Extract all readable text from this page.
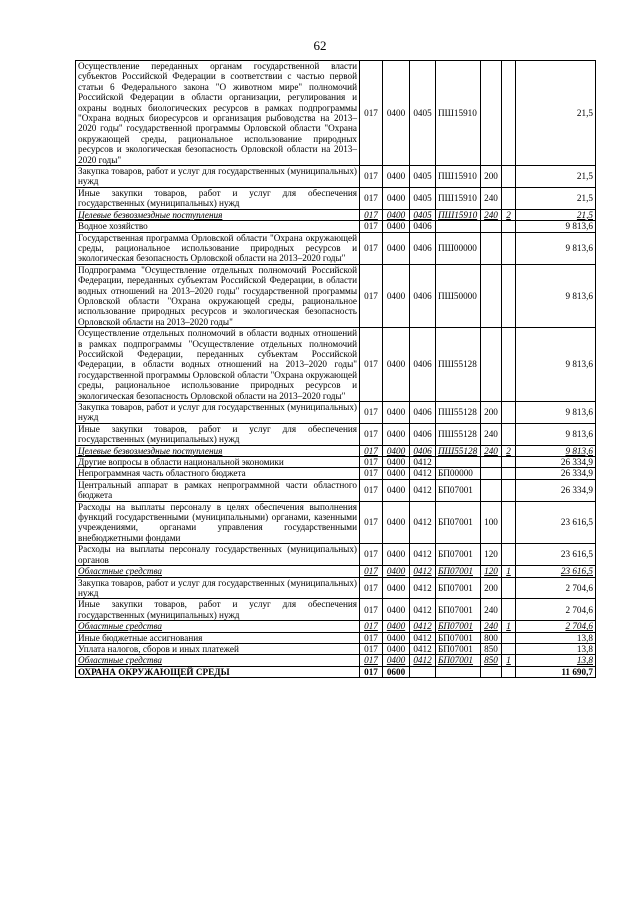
62
Осуществление переданных органам государственной власти субъектов Российской Федерации в соответствии с частью первой статьи 6 Федерального закона "О животном мире" полномочий Российской Федерации в области организации, регулирования и охраны водных биологических ресурсов в рамках подпрограммы "Охрана водных биоресурсов и организация рыбоводства на 2013–2020 годы" государственной программы Орловской области "Охрана окружающей среды, рациональное использование природных ресурсов и экологическая безопасность Орловской области на 2013–2020 годы"	017	0400	0405	ПШ15910			21,5
Закупка товаров, работ и услуг для государственных (муниципальных) нужд	017	0400	0405	ПШ15910	200		21,5
Иные закупки товаров, работ и услуг для обеспечения государственных (муниципальных) нужд	017	0400	0405	ПШ15910	240		21,5
Целевые безвозмездные поступления	017	0400	0405	ПШ15910	240	2	21,5
Водное хозяйство	017	0400	0406				9 813,6
Государственная программа Орловской области "Охрана окружающей среды, рациональное использование природных ресурсов и экологическая безопасность Орловской области на 2013–2020 годы"	017	0400	0406	ПШ00000			9 813,6
Подпрограмма "Осуществление отдельных полномочий Российской Федерации, переданных субъектам Российской Федерации, в области водных отношений на 2013–2020 годы" государственной программы Орловской области "Охрана окружающей среды, рациональное использование природных ресурсов и экологическая безопасность Орловской области на 2013–2020 годы"	017	0400	0406	ПШ50000			9 813,6
Осуществление отдельных полномочий в области водных отношений в рамках подпрограммы "Осуществление отдельных полномочий Российской Федерации, переданных субъектам Российской Федерации, в области водных отношений на 2013–2020 годы" государственной программы Орловской области "Охрана окружающей среды, рациональное использование природных ресурсов и экологическая безопасность Орловской области на 2013–2020 годы"	017	0400	0406	ПШ55128			9 813,6
Закупка товаров, работ и услуг для государственных (муниципальных) нужд	017	0400	0406	ПШ55128	200		9 813,6
Иные закупки товаров, работ и услуг для обеспечения государственных (муниципальных) нужд	017	0400	0406	ПШ55128	240		9 813,6
Целевые безвозмездные поступления	017	0400	0406	ПШ55128	240	2	9 813,6
Другие вопросы в области национальной экономики	017	0400	0412				26 334,9
Непрограммная часть областного бюджета	017	0400	0412	БП00000			26 334,9
Центральный аппарат в рамках непрограммной части областного бюджета	017	0400	0412	БП07001			26 334,9
Расходы на выплаты персоналу в целях обеспечения выполнения функций государственными (муниципальными) органами, казенными учреждениями, органами управления государственными внебюджетными фондами	017	0400	0412	БП07001	100		23 616,5
Расходы на выплаты персоналу государственных (муниципальных) органов	017	0400	0412	БП07001	120		23 616,5
Областные средства	017	0400	0412	БП07001	120	1	23 616,5
Закупка товаров, работ и услуг для государственных (муниципальных) нужд	017	0400	0412	БП07001	200		2 704,6
Иные закупки товаров, работ и услуг для обеспечения государственных (муниципальных) нужд	017	0400	0412	БП07001	240		2 704,6
Областные средства	017	0400	0412	БП07001	240	1	2 704,6
Иные бюджетные ассигнования	017	0400	0412	БП07001	800		13,8
Уплата налогов, сборов и иных платежей	017	0400	0412	БП07001	850		13,8
Областные средства	017	0400	0412	БП07001	850	1	13,8
ОХРАНА ОКРУЖАЮЩЕЙ СРЕДЫ	017	0600					11 690,7
